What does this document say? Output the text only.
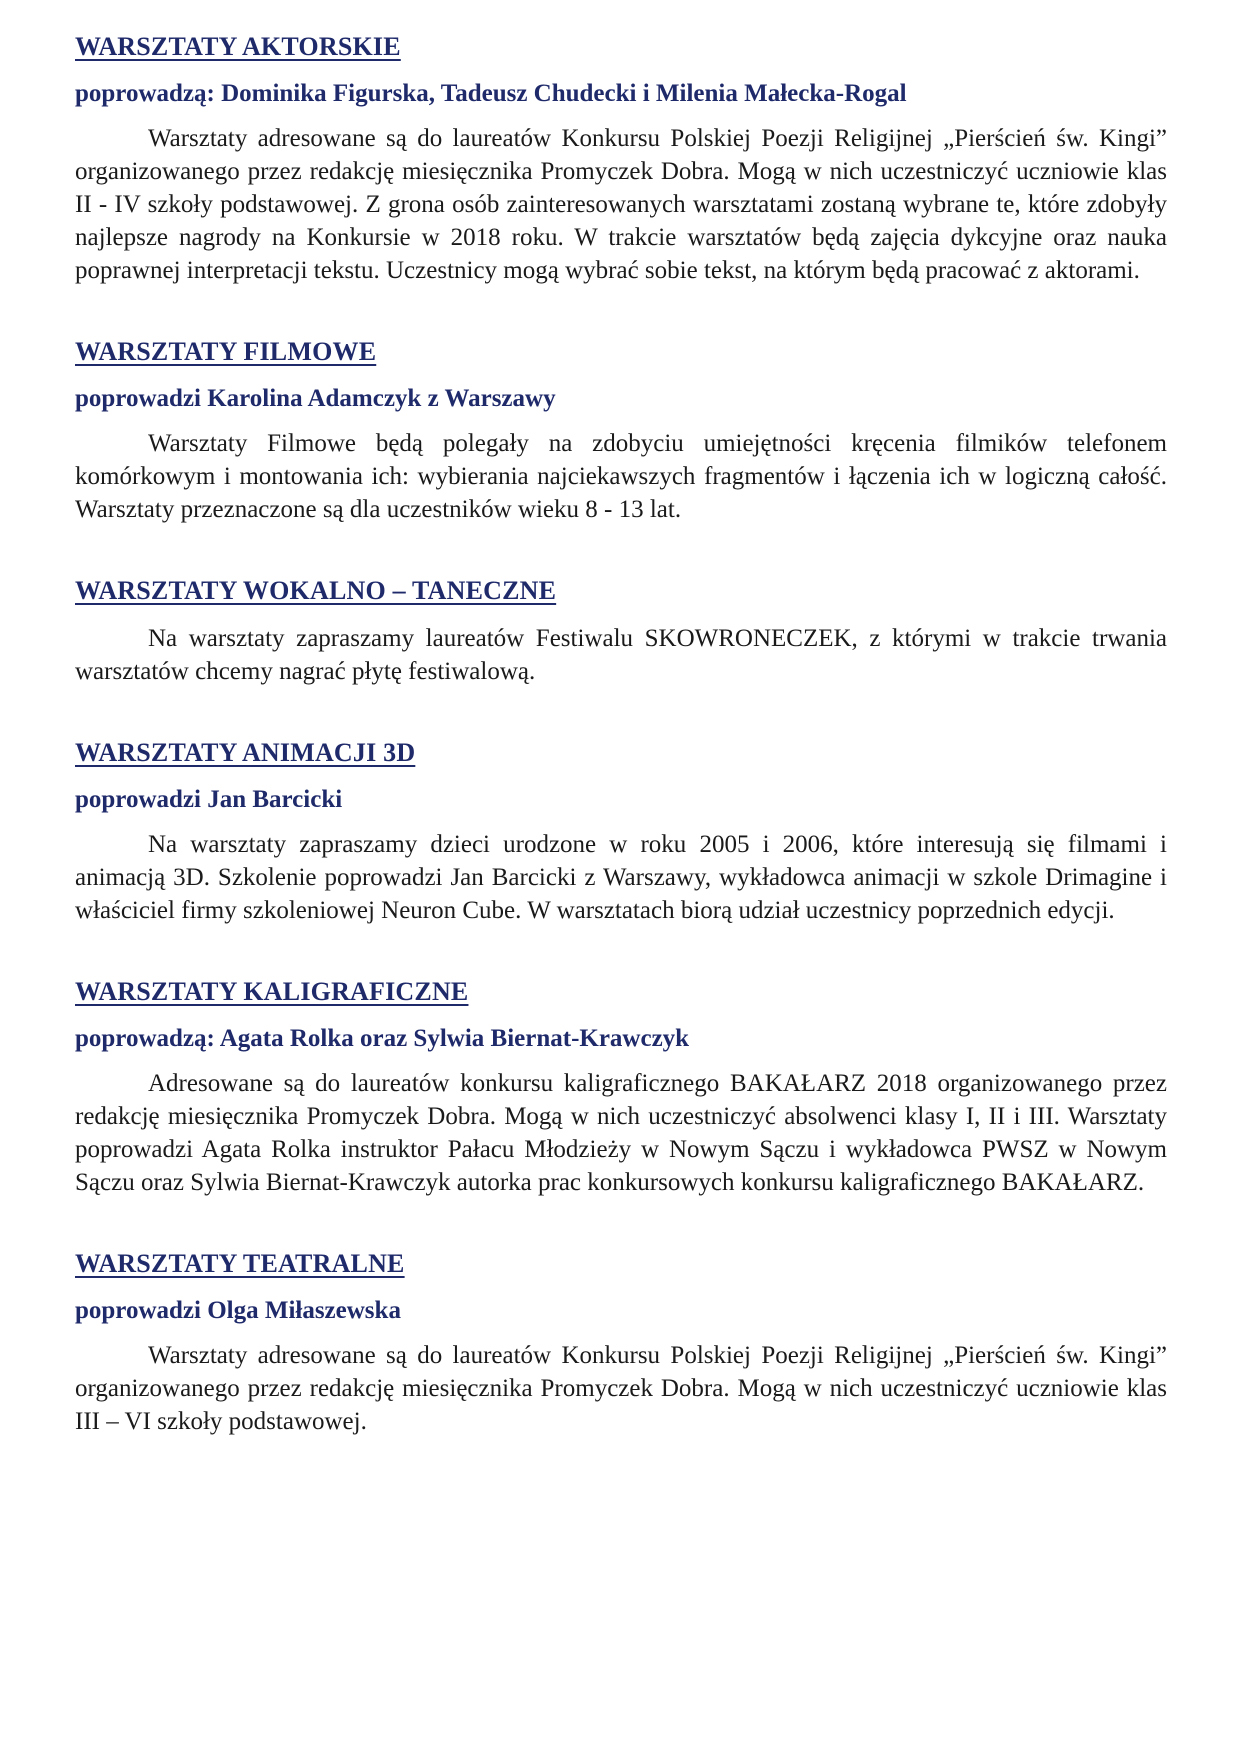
WARSZTATY AKTORSKIE

poprowadzą: Dominika Figurska, Tadeusz Chudecki i Milenia Małecka-Rogal

Warsztaty adresowane są do laureatów Konkursu Polskiej Poezji Religijnej „Pierścień św. Kingi” organizowanego przez redakcję miesięcznika Promyczek Dobra. Mogą w nich uczestniczyć uczniowie klas II - IV szkoły podstawowej. Z grona osób zainteresowanych warsztatami zostaną wybrane te, które zdobyły najlepsze nagrody na Konkursie w 2018 roku. W trakcie warsztatów będą zajęcia dykcyjne oraz nauka poprawnej interpretacji tekstu. Uczestnicy mogą wybrać sobie tekst, na którym będą pracować z aktorami.

WARSZTATY FILMOWE

poprowadzi Karolina Adamczyk z Warszawy

Warsztaty Filmowe będą polegały na zdobyciu umiejętności kręcenia filmików telefonem komórkowym i montowania ich: wybierania najciekawszych fragmentów i łączenia ich w logiczną całość. Warsztaty przeznaczone są dla uczestników wieku 8 - 13 lat.

WARSZTATY WOKALNO – TANECZNE

Na warsztaty zapraszamy laureatów Festiwalu SKOWRONECZEK, z którymi w trakcie trwania warsztatów chcemy nagrać płytę festiwalową.

WARSZTATY ANIMACJI 3D

poprowadzi Jan Barcicki

Na warsztaty zapraszamy dzieci urodzone w roku 2005 i 2006, które interesują się filmami i animacją 3D. Szkolenie poprowadzi Jan Barcicki z Warszawy, wykładowca animacji w szkole Drimagine i właściciel firmy szkoleniowej Neuron Cube. W warsztatach biorą udział uczestnicy poprzednich edycji.

WARSZTATY KALIGRAFICZNE

poprowadzą: Agata Rolka oraz Sylwia Biernat-Krawczyk

Adresowane są do laureatów konkursu kaligraficznego BAKAŁARZ 2018 organizowanego przez redakcję miesięcznika Promyczek Dobra. Mogą w nich uczestniczyć absolwenci klasy I, II i III. Warsztaty poprowadzi Agata Rolka instruktor Pałacu Młodzieży w Nowym Sączu i wykładowca PWSZ w Nowym Sączu oraz Sylwia Biernat-Krawczyk autorka prac konkursowych konkursu kaligraficznego BAKAŁARZ.

WARSZTATY TEATRALNE

poprowadzi Olga Miłaszewska

Warsztaty adresowane są do laureatów Konkursu Polskiej Poezji Religijnej „Pierścień św. Kingi” organizowanego przez redakcję miesięcznika Promyczek Dobra. Mogą w nich uczestniczyć uczniowie klas III – VI szkoły podstawowej.
